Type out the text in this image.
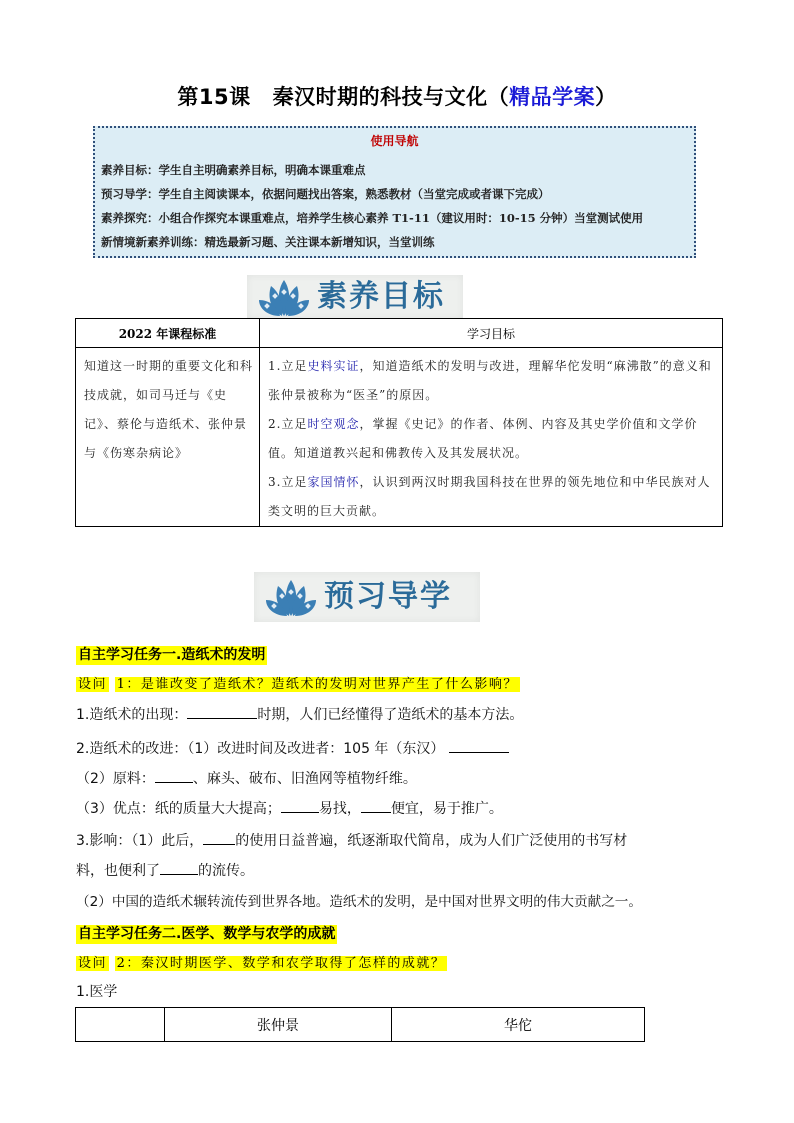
第15课 秦汉时期的科技与文化（精品学案）
使用导航
素养目标：学生自主明确素养目标，明确本课重难点
预习导学：学生自主阅读课本，依据问题找出答案，熟悉教材（当堂完成或者课下完成）
素养探究：小组合作探究本课重难点，培养学生核心素养 T1-11（建议用时：10-15 分钟）当堂测试使用
新情境新素养训练：精选最新习题、关注课本新增知识，当堂训练
素养目标
2022 年课程标准	学习目标
知道这一时期的重要文化和科技成就，如司马迁与《史记》、蔡伦与造纸术、张仲景与《伤寒杂病论》	1.立足史料实证，知道造纸术的发明与改进，理解华佗发明“麻沸散”的意义和张仲景被称为“医圣”的原因。
2.立足时空观念，掌握《史记》的作者、体例、内容及其史学价值和文学价值。知道道教兴起和佛教传入及其发展状况。
3.立足家国情怀，认识到两汉时期我国科技在世界的领先地位和中华民族对人类文明的巨大贡献。
预习导学
自主学习任务一.造纸术的发明
设问 1：是谁改变了造纸术？造纸术的发明对世界产生了什么影响？
1.造纸术的出现：	时期，人们已经懂得了造纸术的基本方法。
2.造纸术的改进：（1）改进时间及改进者：105 年（东汉）
（2）原料：	、麻头、破布、旧渔网等植物纤维。
（3）优点：纸的质量大大提高；	易找， 便宜，易于推广。
3.影响：（1）此后， 的使用日益普遍，纸逐渐取代简帛，成为人们广泛使用的书写材
料，也便利了	的流传。
（2）中国的造纸术辗转流传到世界各地。造纸术的发明，是中国对世界文明的伟大贡献之一。
自主学习任务二.医学、数学与农学的成就
设问 2：秦汉时期医学、数学和农学取得了怎样的成就？
1.医学
	张仲景	华佗
